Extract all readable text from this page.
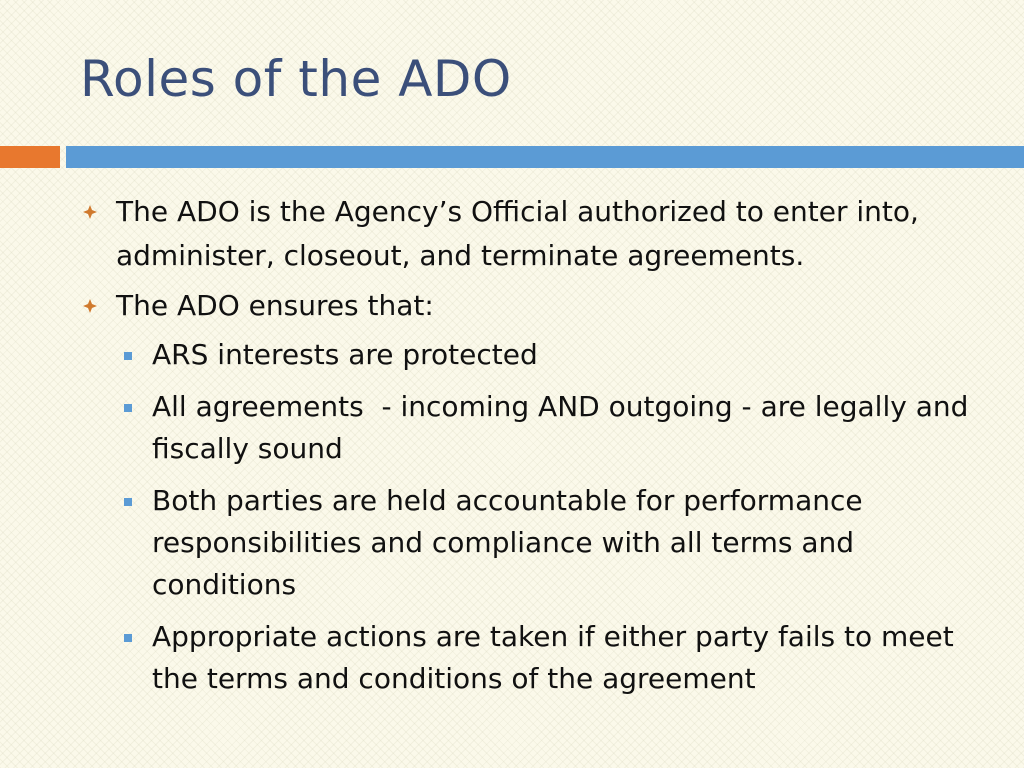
Roles of the ADO
The ADO is the Agency’s Official authorized to enter into, administer, closeout, and terminate agreements.
The ADO ensures that:
ARS interests are protected
All agreements  - incoming AND outgoing - are legally and fiscally sound
Both parties are held accountable for performance responsibilities and compliance with all terms and conditions
Appropriate actions are taken if either party fails to meet the terms and conditions of the agreement
